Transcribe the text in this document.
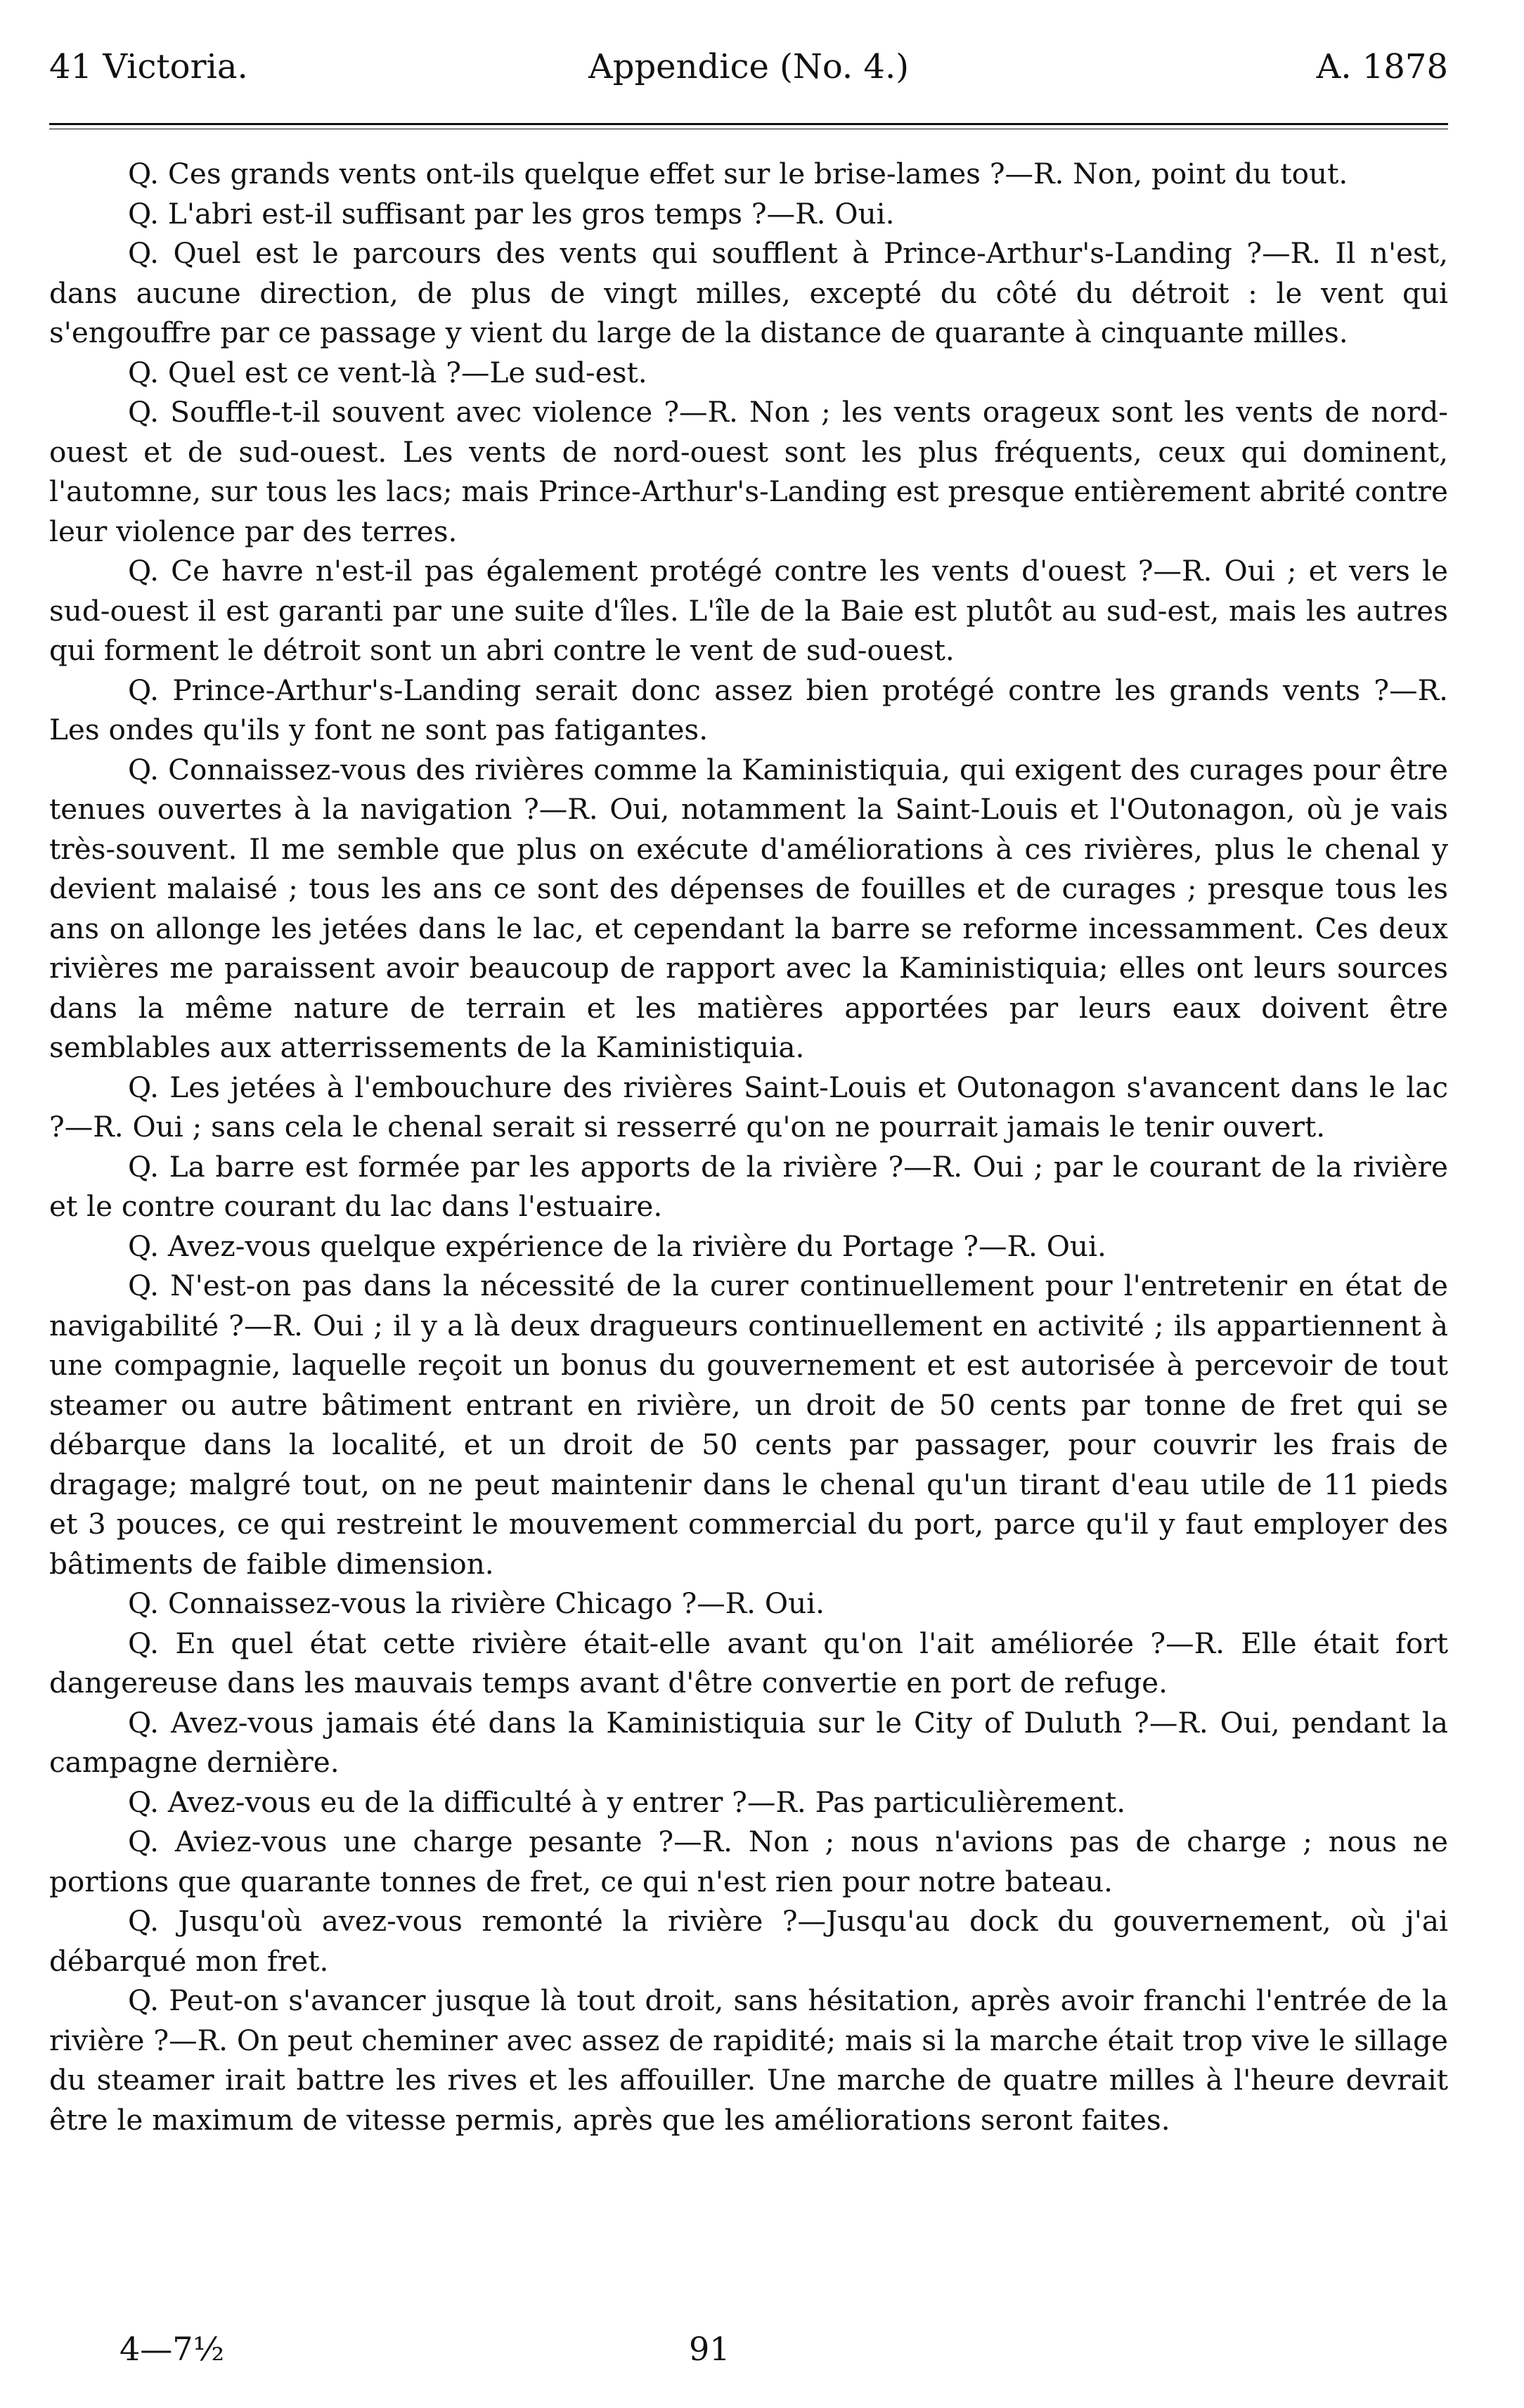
41 Victoria.	Appendice (No. 4.)	A. 1878

Q. Ces grands vents ont-ils quelque effet sur le brise-lames ?—R. Non, point du tout.

Q. L'abri est-il suffisant par les gros temps ?—R. Oui.

Q. Quel est le parcours des vents qui soufflent à Prince-Arthur's-Landing ?—R. Il n'est, dans aucune direction, de plus de vingt milles, excepté du côté du détroit : le vent qui s'engouffre par ce passage y vient du large de la distance de quarante à cinquante milles.

Q. Quel est ce vent-là ?—Le sud-est.

Q. Souffle-t-il souvent avec violence ?—R. Non ; les vents orageux sont les vents de nord-ouest et de sud-ouest. Les vents de nord-ouest sont les plus fréquents, ceux qui dominent, l'automne, sur tous les lacs; mais Prince-Arthur's-Landing est presque entièrement abrité contre leur violence par des terres.

Q. Ce havre n'est-il pas également protégé contre les vents d'ouest ?—R. Oui ; et vers le sud-ouest il est garanti par une suite d'îles. L'île de la Baie est plutôt au sud-est, mais les autres qui forment le détroit sont un abri contre le vent de sud-ouest.

Q. Prince-Arthur's-Landing serait donc assez bien protégé contre les grands vents ?—R. Les ondes qu'ils y font ne sont pas fatigantes.

Q. Connaissez-vous des rivières comme la Kaministiquia, qui exigent des curages pour être tenues ouvertes à la navigation ?—R. Oui, notamment la Saint-Louis et l'Outonagon, où je vais très-souvent. Il me semble que plus on exécute d'améliorations à ces rivières, plus le chenal y devient malaisé ; tous les ans ce sont des dépenses de fouilles et de curages ; presque tous les ans on allonge les jetées dans le lac, et cependant la barre se reforme incessamment. Ces deux rivières me paraissent avoir beaucoup de rapport avec la Kaministiquia; elles ont leurs sources dans la même nature de terrain et les matières apportées par leurs eaux doivent être semblables aux atterrissements de la Kaministiquia.

Q. Les jetées à l'embouchure des rivières Saint-Louis et Outonagon s'avancent dans le lac ?—R. Oui ; sans cela le chenal serait si resserré qu'on ne pourrait jamais le tenir ouvert.

Q. La barre est formée par les apports de la rivière ?—R. Oui ; par le courant de la rivière et le contre courant du lac dans l'estuaire.

Q. Avez-vous quelque expérience de la rivière du Portage ?—R. Oui.

Q. N'est-on pas dans la nécessité de la curer continuellement pour l'entretenir en état de navigabilité ?—R. Oui ; il y a là deux dragueurs continuellement en activité ; ils appartiennent à une compagnie, laquelle reçoit un bonus du gouvernement et est autorisée à percevoir de tout steamer ou autre bâtiment entrant en rivière, un droit de 50 cents par tonne de fret qui se débarque dans la localité, et un droit de 50 cents par passager, pour couvrir les frais de dragage; malgré tout, on ne peut maintenir dans le chenal qu'un tirant d'eau utile de 11 pieds et 3 pouces, ce qui restreint le mouvement commercial du port, parce qu'il y faut employer des bâtiments de faible dimension.

Q. Connaissez-vous la rivière Chicago ?—R. Oui.

Q. En quel état cette rivière était-elle avant qu'on l'ait améliorée ?—R. Elle était fort dangereuse dans les mauvais temps avant d'être convertie en port de refuge.

Q. Avez-vous jamais été dans la Kaministiquia sur le City of Duluth ?—R. Oui, pendant la campagne dernière.

Q. Avez-vous eu de la difficulté à y entrer ?—R. Pas particulièrement.

Q. Aviez-vous une charge pesante ?—R. Non ; nous n'avions pas de charge ; nous ne portions que quarante tonnes de fret, ce qui n'est rien pour notre bateau.

Q. Jusqu'où avez-vous remonté la rivière ?—Jusqu'au dock du gouvernement, où j'ai débarqué mon fret.

Q. Peut-on s'avancer jusque là tout droit, sans hésitation, après avoir franchi l'entrée de la rivière ?—R. On peut cheminer avec assez de rapidité; mais si la marche était trop vive le sillage du steamer irait battre les rives et les affouiller. Une marche de quatre milles à l'heure devrait être le maximum de vitesse permis, après que les améliorations seront faites.

4—7½	91
